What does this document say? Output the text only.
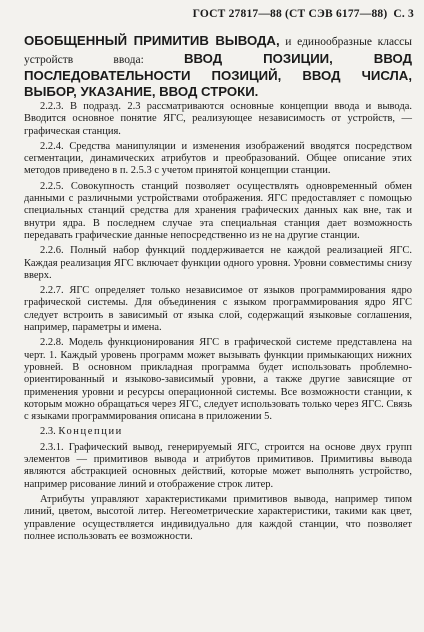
ГОСТ 27817—88 (СТ СЭВ 6177—88) С. 3
ОБОБЩЕННЫЙ ПРИМИТИВ ВЫВОДА, и единообразные классы устройств ввода: ВВОД ПОЗИЦИИ, ВВОД ПОСЛЕДОВАТЕЛЬНОСТИ ПОЗИЦИЙ, ВВОД ЧИСЛА, ВЫБОР, УКАЗАНИЕ, ВВОД СТРОКИ.

2.2.3. В подразд. 2.3 рассматриваются основные концепции ввода и вывода. Вводится основное понятие ЯГС, реализующее независимость от устройств, — графическая станция.

2.2.4. Средства манипуляции и изменения изображений вводятся посредством сегментации, динамических атрибутов и преобразований. Общее описание этих методов приведено в п. 2.5.3 с учетом принятой концепции станции.

2.2.5. Совокупность станций позволяет осуществлять одновременный обмен данными с различными устройствами отображения. ЯГС предоставляет с помощью специальных станций средства для хранения графических данных как вне, так и внутри ядра. В последнем случае эта специальная станция дает возможность передавать графические данные непосредственно из не на другие станции.

2.2.6. Полный набор функций поддерживается не каждой реализацией ЯГС. Каждая реализация ЯГС включает функции одного уровня. Уровни совместимы снизу вверх.

2.2.7. ЯГС определяет только независимое от языков программирования ядро графической системы. Для объединения с языком программирования ядро ЯГС следует встроить в зависимый от языка слой, содержащий языковые соглашения, например, параметры и имена.

2.2.8. Модель функционирования ЯГС в графической системе представлена на черт. 1. Каждый уровень программ может вызывать функции примыкающих нижних уровней. В основном прикладная программа будет использовать проблемно-ориентированный и языково-зависимый уровни, а также другие зависящие от применения уровни и ресурсы операционной системы. Все возможности станции, к которым можно обращаться через ЯГС, следует использовать только через ЯГС. Связь с языками программирования описана в приложении 5.

2.3. Концепции

2.3.1. Графический вывод, генерируемый ЯГС, строится на основе двух групп элементов — примитивов вывода и атрибутов примитивов. Примитивы вывода являются абстракцией основных действий, которые может выполнять устройство, например рисование линий и отображение строк литер.

Атрибуты управляют характеристиками примитивов вывода, например типом линий, цветом, высотой литер. Негеометрические характеристики, такими как цвет, управление осуществляется индивидуально для каждой станции, что позволяет полнее использовать ее возможности.
